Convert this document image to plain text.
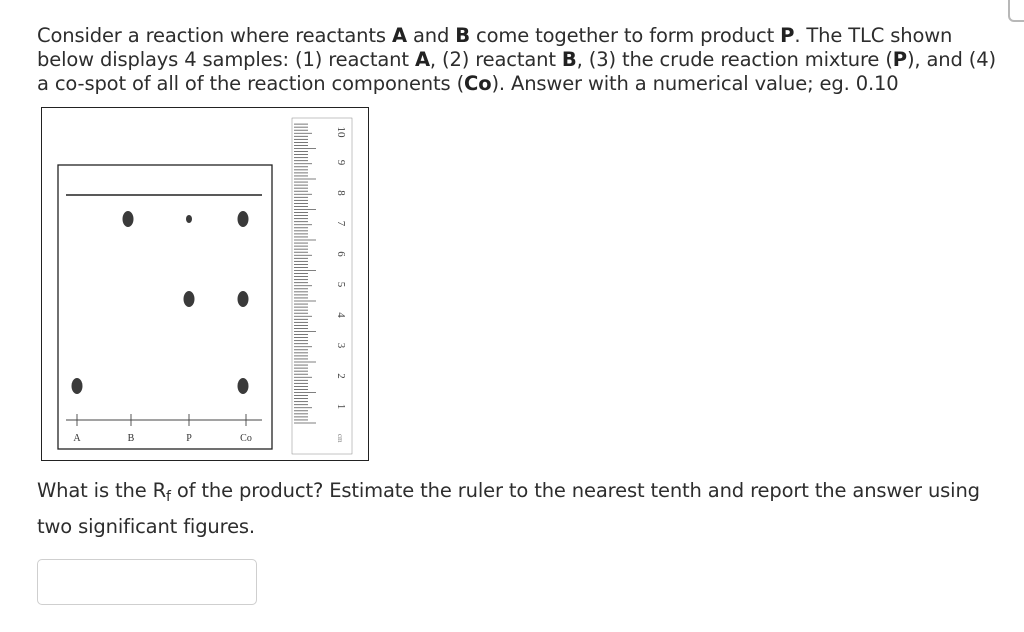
Consider a reaction where reactants A and B come together to form product P. The TLC shown below displays 4 samples: (1) reactant A, (2) reactant B, (3) the crude reaction mixture (P), and (4) a co-spot of all of the reaction components (Co). Answer with a numerical value; eg. 0.10
A	B	P	Co
1
2
3
4
5
6
7
8
9
10
cm
What is the $R_f$ of the product? Estimate the ruler to the nearest tenth and report the answer using two significant figures.
